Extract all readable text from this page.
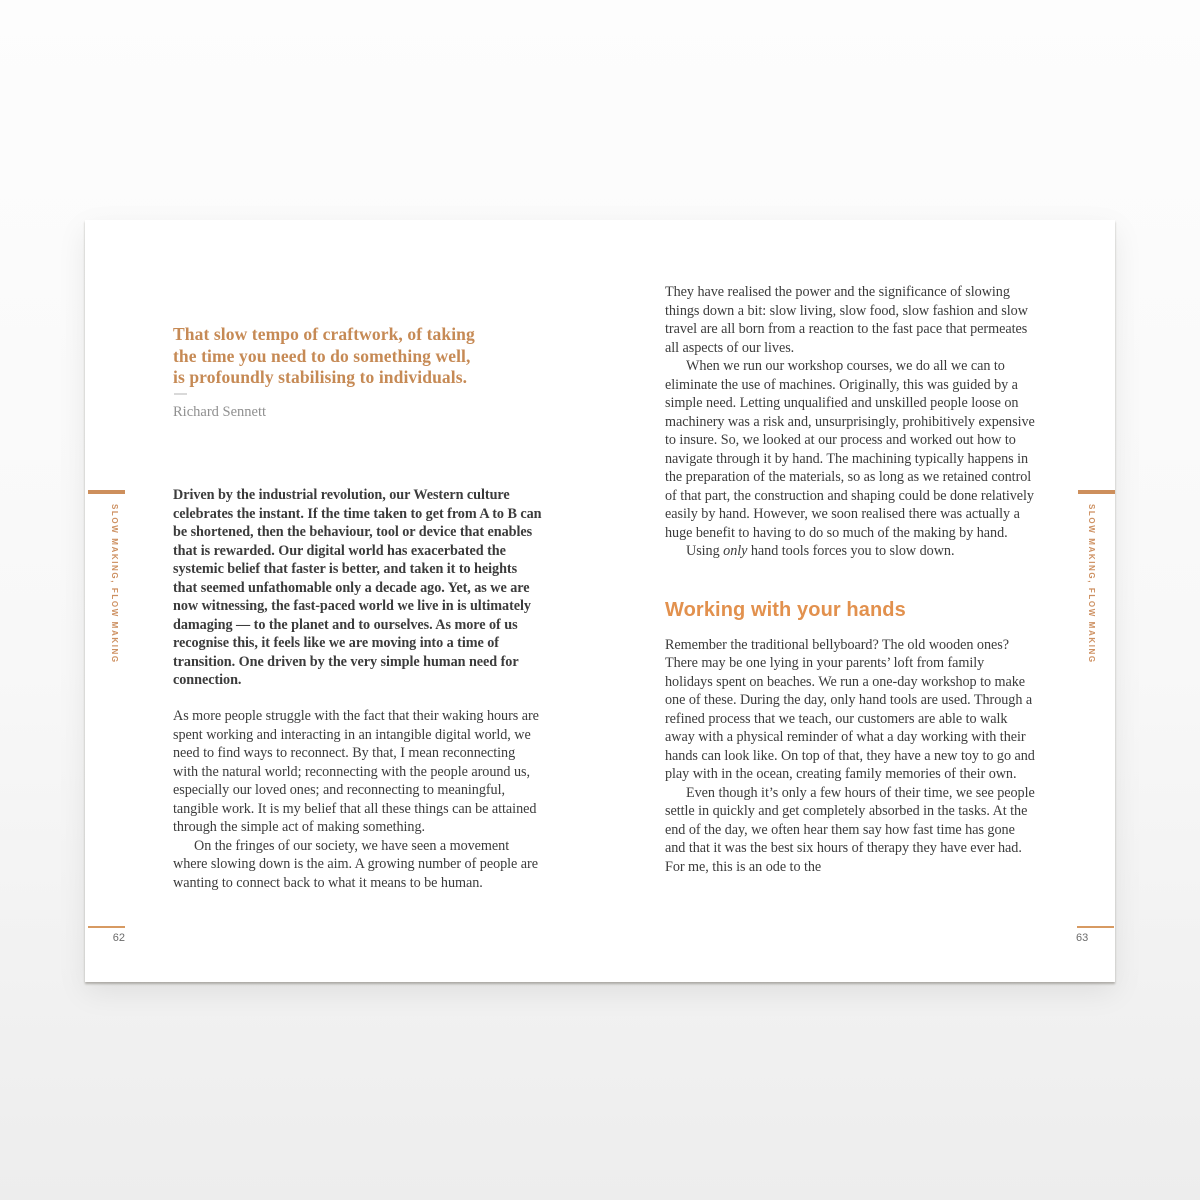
That slow tempo of craftwork, of taking
the time you need to do something well,
is profoundly stabilising to individuals.
Richard Sennett

Driven by the industrial revolution, our Western culture celebrates the instant. If the time taken to get from A to B can be shortened, then the behaviour, tool or device that enables that is rewarded. Our digital world has exacerbated the systemic belief that faster is better, and taken it to heights that seemed unfathomable only a decade ago. Yet, as we are now witnessing, the fast-paced world we live in is ultimately damaging — to the planet and to ourselves. As more of us recognise this, it feels like we are moving into a time of transition. One driven by the very simple human need for connection.

As more people struggle with the fact that their waking hours are spent working and interacting in an intangible digital world, we need to find ways to reconnect. By that, I mean reconnecting with the natural world; reconnecting with the people around us, especially our loved ones; and reconnecting to meaningful, tangible work. It is my belief that all these things can be attained through the simple act of making something.

On the fringes of our society, we have seen a movement where slowing down is the aim. A growing number of people are wanting to connect back to what it means to be human.

SLOW MAKING, FLOW MAKING
62

They have realised the power and the significance of slowing things down a bit: slow living, slow food, slow fashion and slow travel are all born from a reaction to the fast pace that permeates all aspects of our lives.

When we run our workshop courses, we do all we can to eliminate the use of machines. Originally, this was guided by a simple need. Letting unqualified and unskilled people loose on machinery was a risk and, unsurprisingly, prohibitively expensive to insure. So, we looked at our process and worked out how to navigate through it by hand. The machining typically happens in the preparation of the materials, so as long as we retained control of that part, the construction and shaping could be done relatively easily by hand. However, we soon realised there was actually a huge benefit to having to do so much of the making by hand.

Using only hand tools forces you to slow down.

Working with your hands

Remember the traditional bellyboard? The old wooden ones? There may be one lying in your parents’ loft from family holidays spent on beaches. We run a one-day workshop to make one of these. During the day, only hand tools are used. Through a refined process that we teach, our customers are able to walk away with a physical reminder of what a day working with their hands can look like. On top of that, they have a new toy to go and play with in the ocean, creating family memories of their own.

Even though it’s only a few hours of their time, we see people settle in quickly and get completely absorbed in the tasks. At the end of the day, we often hear them say how fast time has gone and that it was the best six hours of therapy they have ever had. For me, this is an ode to the

SLOW MAKING, FLOW MAKING
63
